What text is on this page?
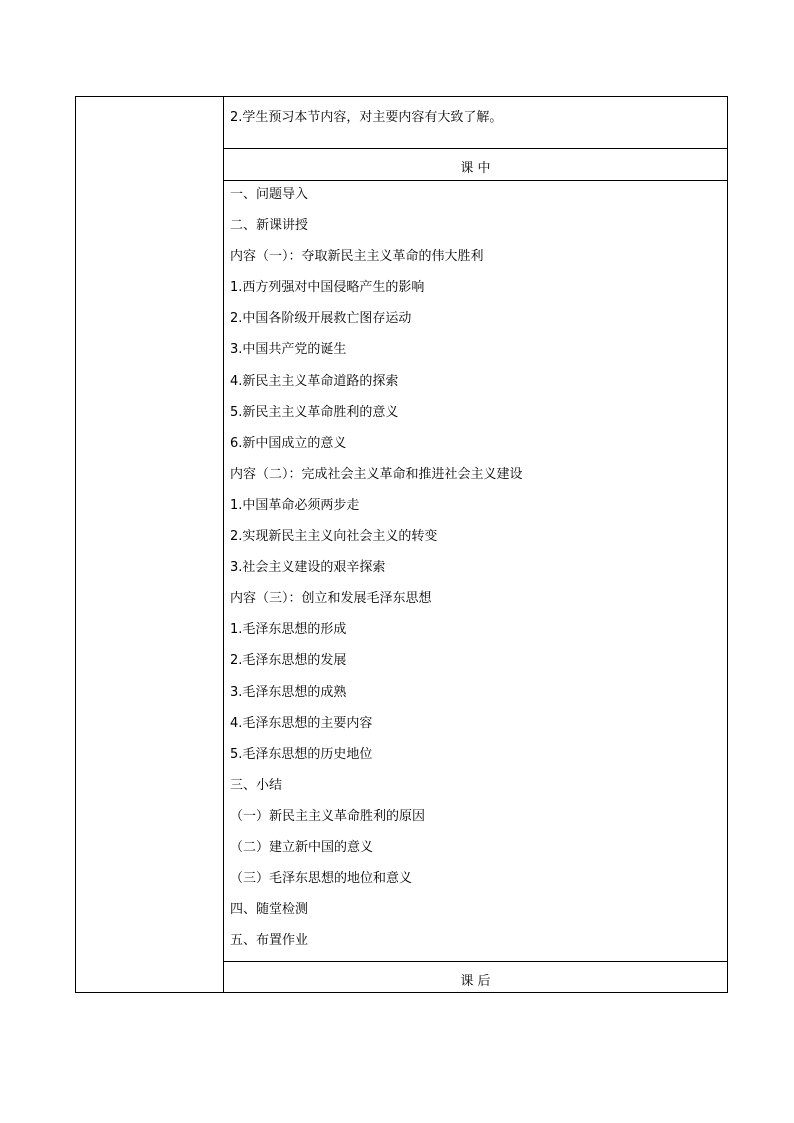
2.学生预习本节内容，对主要内容有大致了解。
课 中
一、问题导入
二、新课讲授
内容（一）：夺取新民主主义革命的伟大胜利
1.西方列强对中国侵略产生的影响
2.中国各阶级开展救亡图存运动
3.中国共产党的诞生
4.新民主主义革命道路的探索
5.新民主主义革命胜利的意义
6.新中国成立的意义
内容（二）：完成社会主义革命和推进社会主义建设
1.中国革命必须两步走
2.实现新民主主义向社会主义的转变
3.社会主义建设的艰辛探索
内容（三）：创立和发展毛泽东思想
1.毛泽东思想的形成
2.毛泽东思想的发展
3.毛泽东思想的成熟
4.毛泽东思想的主要内容
5.毛泽东思想的历史地位
三、小结
（一）新民主主义革命胜利的原因
（二）建立新中国的意义
（三）毛泽东思想的地位和意义
四、随堂检测
五、布置作业
课 后
